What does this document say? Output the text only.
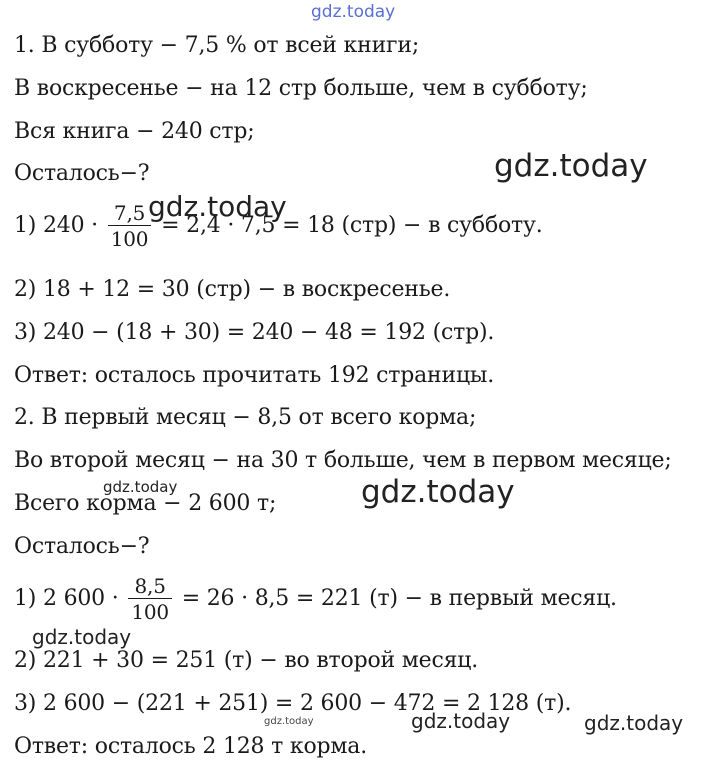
1. В субботу − 7,5 % от всей книги;
В воскресенье − на 12 стр больше, чем в субботу;
Вся книга − 240 стр;
Осталось−?
1) $240 \cdot \frac{7,5}{100} = 2,4 \cdot 7,5 = 18$ (стр) − в субботу.
2) 18 + 12 = 30 (стр) − в воскресенье.
3) 240 − (18 + 30) = 240 − 48 = 192 (стр).
Ответ: осталось прочитать 192 страницы.
2. В первый месяц − 8,5 от всего корма;
Во второй месяц − на 30 т больше, чем в первом месяце;
Всего корма − 2 600 т;
Осталось−?
1) 2 $600 \cdot \frac{8,5}{100} = 26 \cdot 8,5 = 221$ (т) − в первый месяц.
2) 221 + 30 = 251 (т) − во второй месяц.
3) 2 600 − (221 + 251) = 2 600 − 472 = 2 128 (т).
Ответ: осталось 2 128 т корма.
gdz.today
gdz.today
gdz.today
gdz.today	gdz.today
gdz.today
gdz.today	gdz.today	gdz.today
